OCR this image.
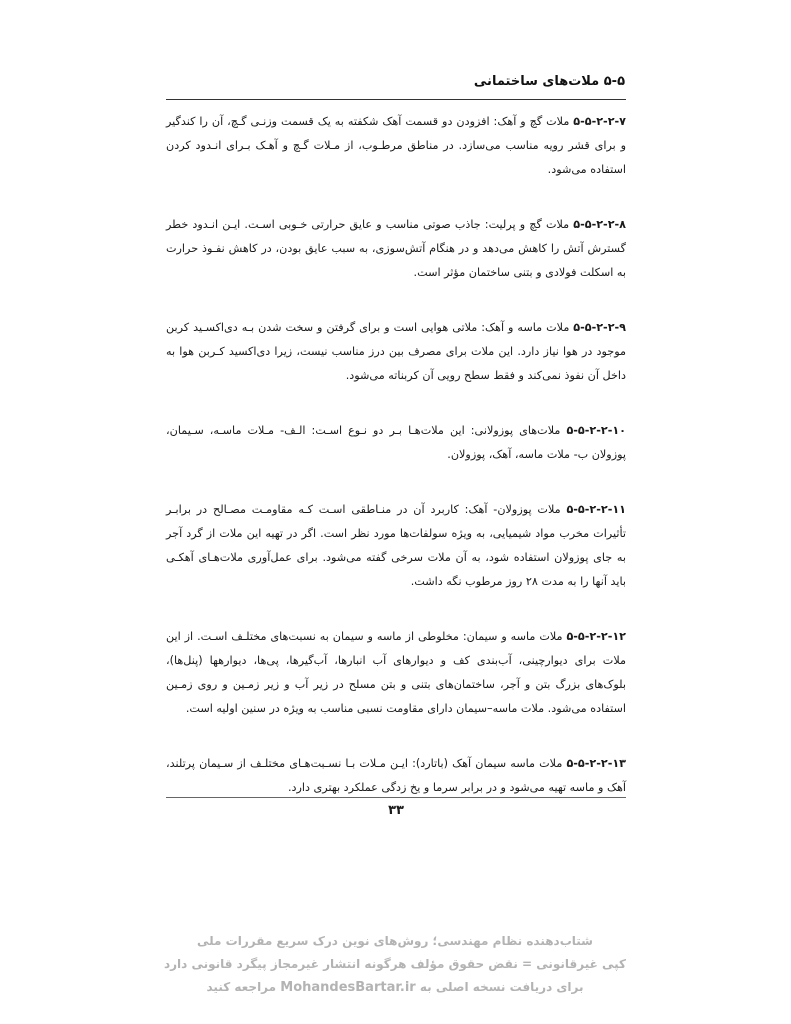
۵-۵ ملات‌های ساختمانی

۵-۵-۲-۲-۷ ملات گچ و آهک: افزودن دو قسمت آهک شکفته به یک قسمت وزنـی گـچ، آن را کندگیر و برای قشر رویه مناسب می‌سازد. در مناطق مرطـوب، از مـلات گـچ و آهـک بـرای انـدود کردن استفاده می‌شود.

۵-۵-۲-۲-۸ ملات گچ و پرلیت: جاذب صوتی مناسب و عایق حرارتی خـوبی اسـت. ایـن انـدود خطر گسترش آتش را کاهش می‌دهد و در هنگام آتش‌سوزی، به سبب عایق بودن، در کاهش نفـوذ حرارت به اسکلت فولادی و بتنی ساختمان مؤثر است.

۵-۵-۲-۲-۹ ملات ماسه و آهک: ملاتی هوایی است و برای گرفتن و سخت شدن بـه دی‌اکسـید کربن موجود در هوا نیاز دارد. این ملات برای مصرف بین درز مناسب نیست، زیرا دی‌اکسید کـربن هوا به داخل آن نفوذ نمی‌کند و فقط سطح رویی آن کربناته می‌شود.

۵-۵-۲-۲-۱۰ ملات‌های پوزولانی: این ملات‌هـا بـر دو نـوع اسـت: الـف- مـلات ماسـه، سـیمان، پوزولان ب- ملات ماسه، آهک، پوزولان.

۵-۵-۲-۲-۱۱ ملات پوزولان- آهک: کاربرد آن در منـاطقی اسـت کـه مقاومـت مصـالح در برابـر تأثیرات مخرب مواد شیمیایی، به ویژه سولفات‌ها مورد نظر است. اگر در تهیه این ملات از گرد آجر به جای پوزولان استفاده شود، به آن ملات سرخی گفته می‌شود. برای عمل‌آوری ملات‌هـای آهکـی باید آنها را به مدت ۲۸ روز مرطوب نگه داشت.

۵-۵-۲-۲-۱۲ ملات ماسه و سیمان: مخلوطی از ماسه و سیمان به نسبت‌های مختلـف اسـت. از این ملات برای دیوارچینی، آب‌بندی کف و دیوارهای آب انبارها، آب‌گیرها، پی‌ها، دیوارهها (پنل‌ها)، بلوک‌های بزرگ بتن و آجر، ساختمان‌های بتنی و بتن مسلح در زیر آب و زیر زمـین و روی زمـین استفاده می‌شود. ملات ماسه–سیمان دارای مقاومت نسبی مناسب به ویژه در سنین اولیه است.

۵-۵-۲-۲-۱۳ ملات ماسه سیمان آهک (باتارد): ایـن مـلات بـا نسـبت‌هـای مختلـف از سـیمان پرتلند، آهک و ماسه تهیه می‌شود و در برابر سرما و یخ زدگی عملکرد بهتری دارد.

۳۳
شتاب‌دهنده نظام مهندسی؛ روش‌های نوین درک سریع مقررات ملی
کپی غیرقانونی = نقض حقوق مؤلف هرگونه انتشار غیرمجاز پیگرد قانونی دارد
برای دریافت نسخه اصلی به MohandesBartar.ir مراجعه کنید
